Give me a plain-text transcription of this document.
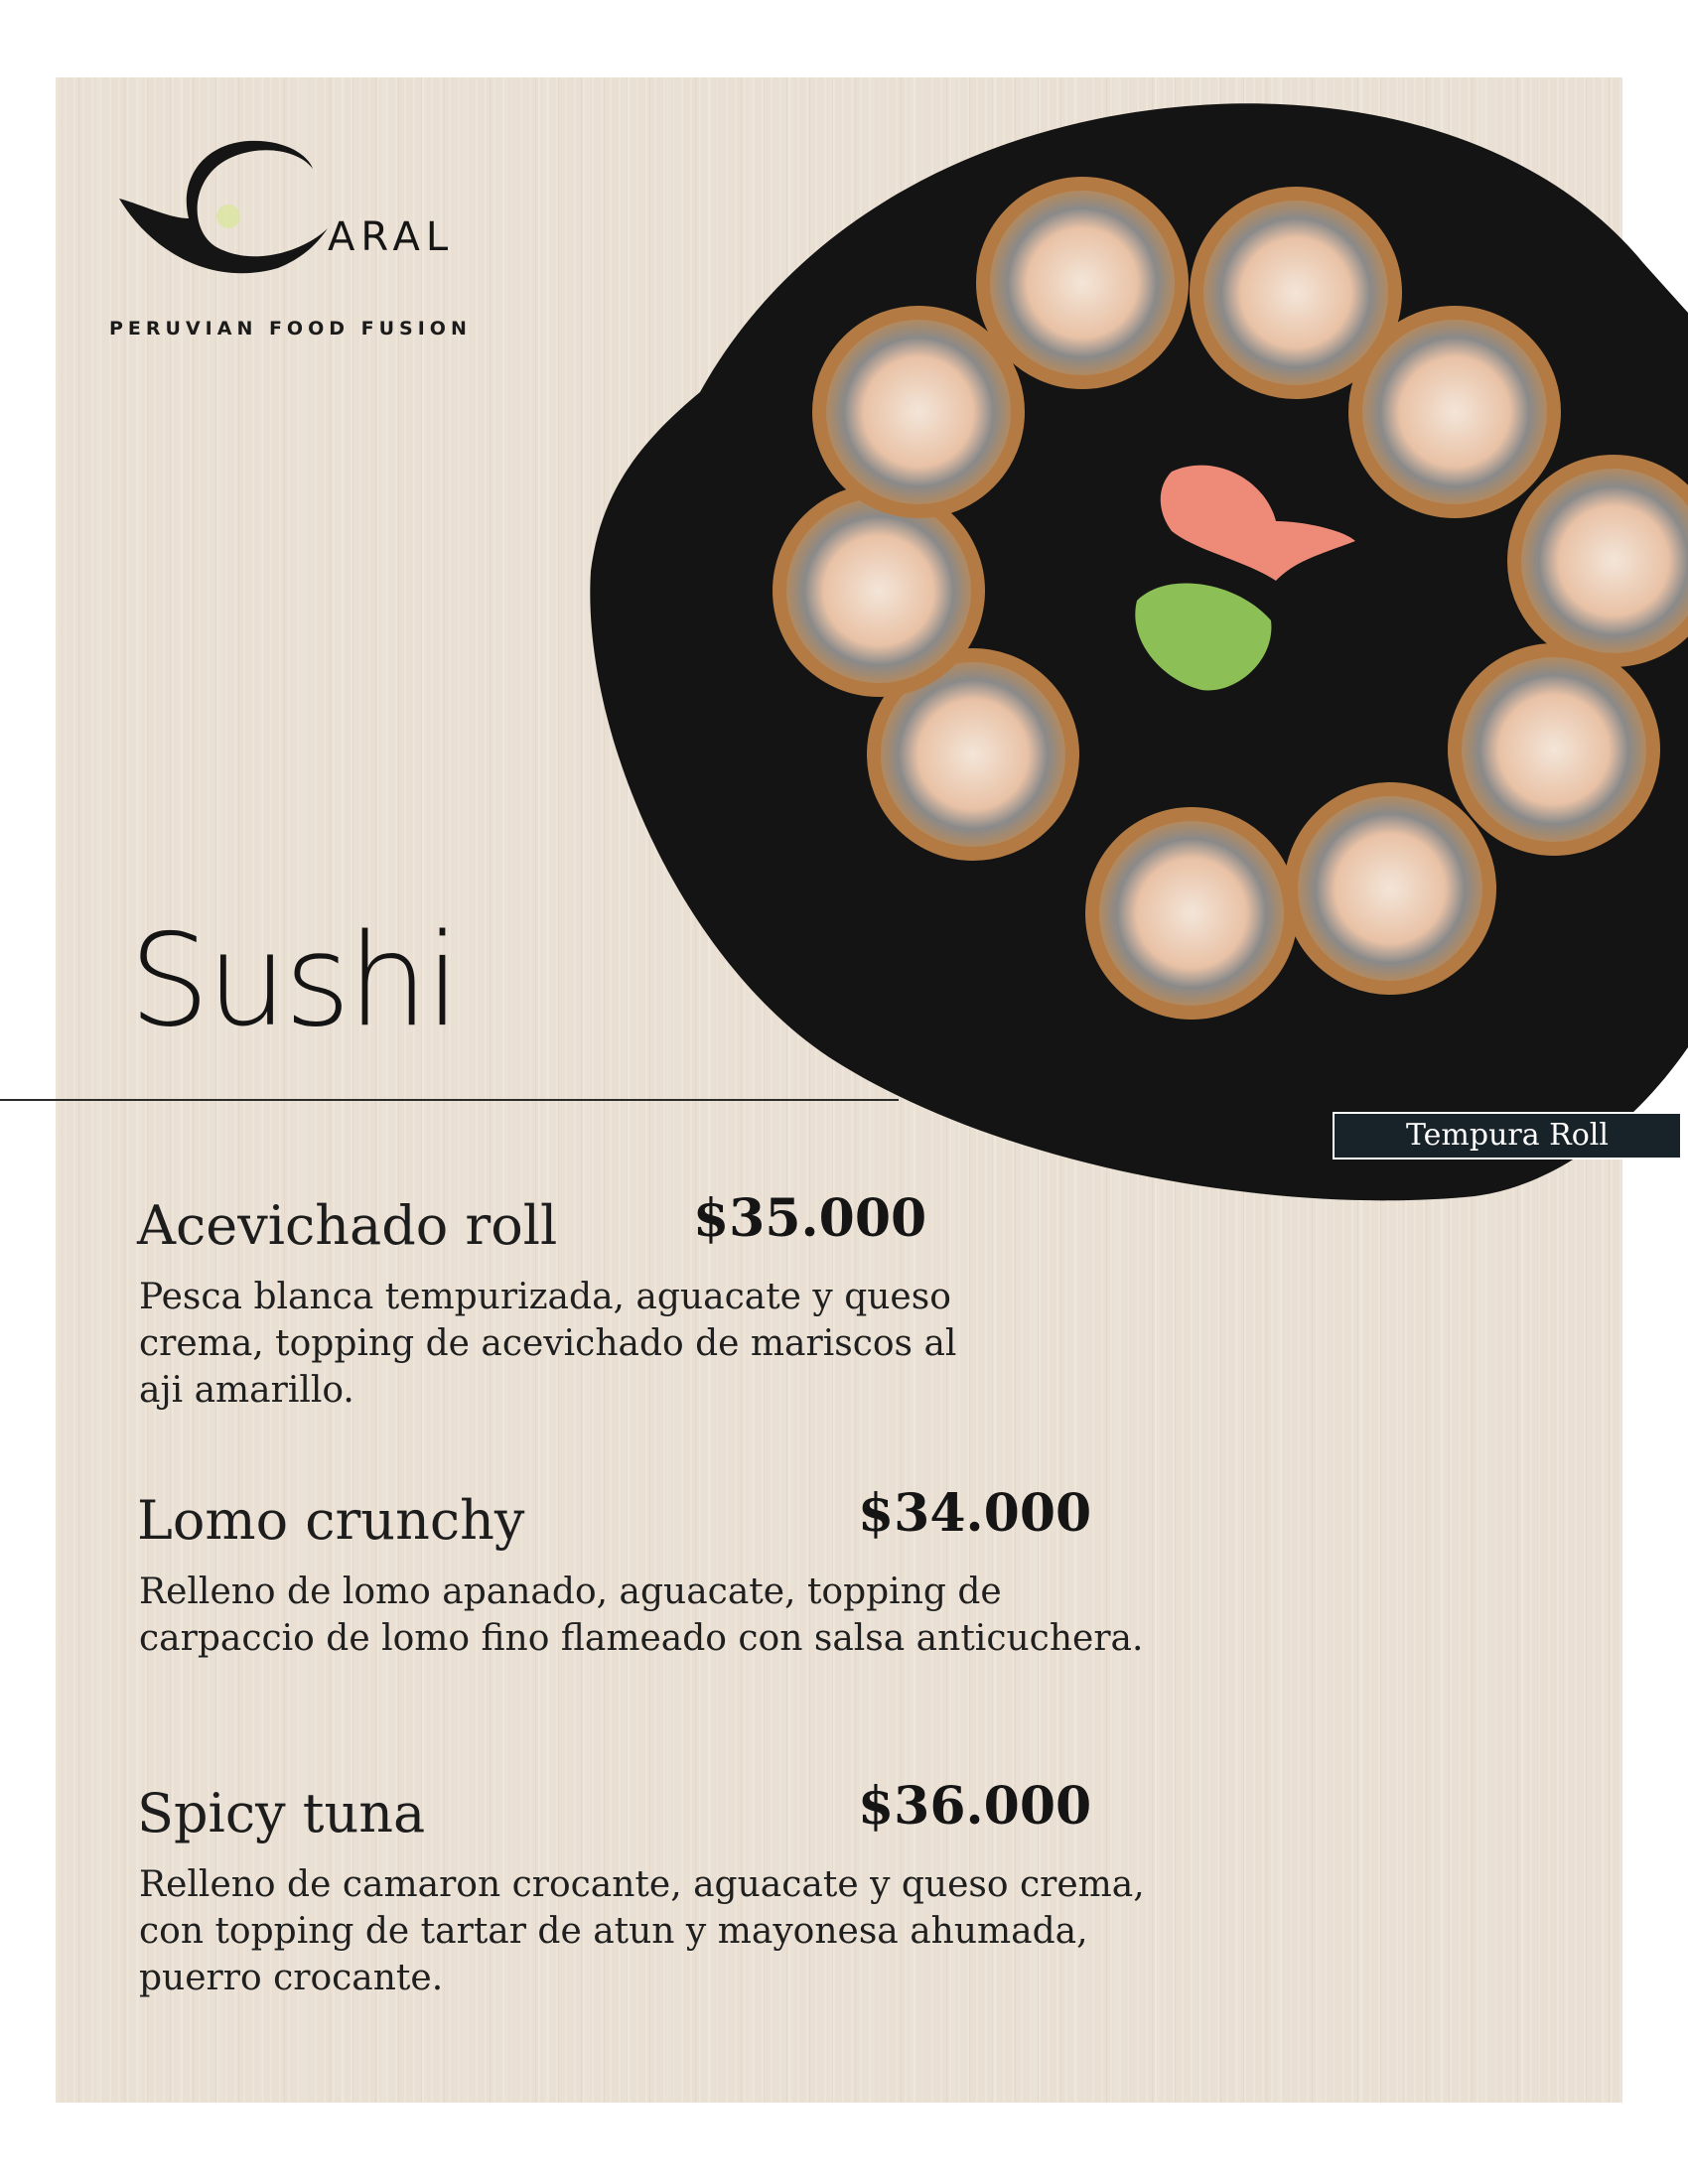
ARAL
PERUVIAN FOOD FUSION
Sushi
Tempura Roll
Acevichado roll	$35.000
Pesca blanca tempurizada, aguacate y queso
crema, topping de acevichado de mariscos al
aji amarillo.
Lomo crunchy	$34.000
Relleno de lomo apanado, aguacate, topping de
carpaccio de lomo fino flameado con salsa anticuchera.
Spicy tuna	$36.000
Relleno de camaron crocante, aguacate y queso crema,
con topping de tartar de atun y mayonesa ahumada,
puerro crocante.
